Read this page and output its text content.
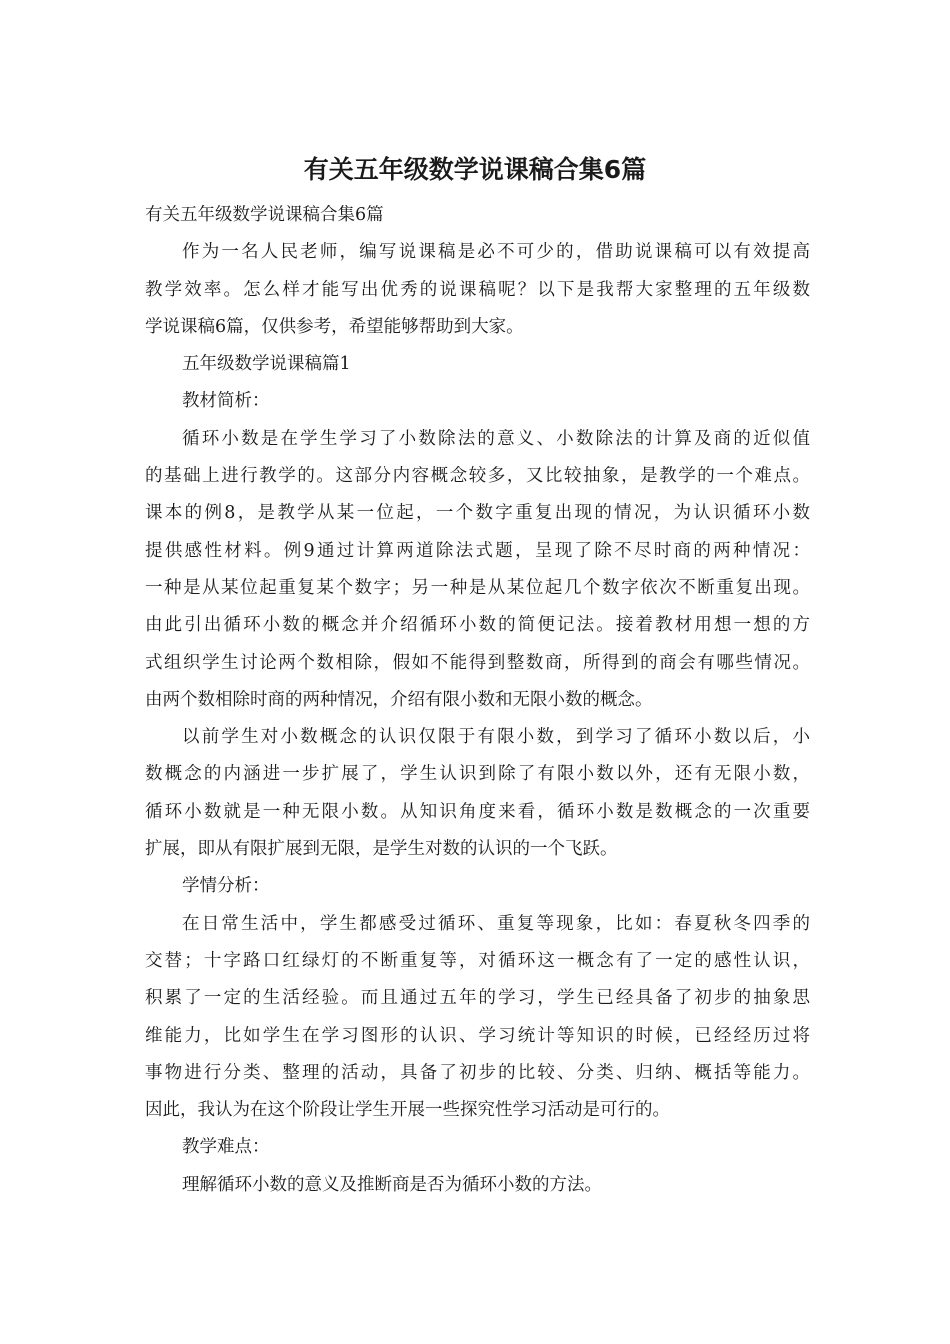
有关五年级数学说课稿合集6篇
有关五年级数学说课稿合集6篇
作为一名人民老师，编写说课稿是必不可少的，借助说课稿可以有效提高
教学效率。怎么样才能写出优秀的说课稿呢？以下是我帮大家整理的五年级数
学说课稿6篇，仅供参考，希望能够帮助到大家。
五年级数学说课稿篇1
教材简析：
循环小数是在学生学习了小数除法的意义、小数除法的计算及商的近似值
的基础上进行教学的。这部分内容概念较多，又比较抽象，是教学的一个难点。
课本的例8，是教学从某一位起，一个数字重复出现的情况，为认识循环小数
提供感性材料。例9通过计算两道除法式题，呈现了除不尽时商的两种情况：
一种是从某位起重复某个数字；另一种是从某位起几个数字依次不断重复出现。
由此引出循环小数的概念并介绍循环小数的简便记法。接着教材用想一想的方
式组织学生讨论两个数相除，假如不能得到整数商，所得到的商会有哪些情况。
由两个数相除时商的两种情况，介绍有限小数和无限小数的概念。
以前学生对小数概念的认识仅限于有限小数，到学习了循环小数以后，小
数概念的内涵进一步扩展了，学生认识到除了有限小数以外，还有无限小数，
循环小数就是一种无限小数。从知识角度来看，循环小数是数概念的一次重要
扩展，即从有限扩展到无限，是学生对数的认识的一个飞跃。
学情分析：
在日常生活中，学生都感受过循环、重复等现象，比如：春夏秋冬四季的
交替；十字路口红绿灯的不断重复等，对循环这一概念有了一定的感性认识，
积累了一定的生活经验。而且通过五年的学习，学生已经具备了初步的抽象思
维能力，比如学生在学习图形的认识、学习统计等知识的时候，已经经历过将
事物进行分类、整理的活动，具备了初步的比较、分类、归纳、概括等能力。
因此，我认为在这个阶段让学生开展一些探究性学习活动是可行的。
教学难点：
理解循环小数的意义及推断商是否为循环小数的方法。
